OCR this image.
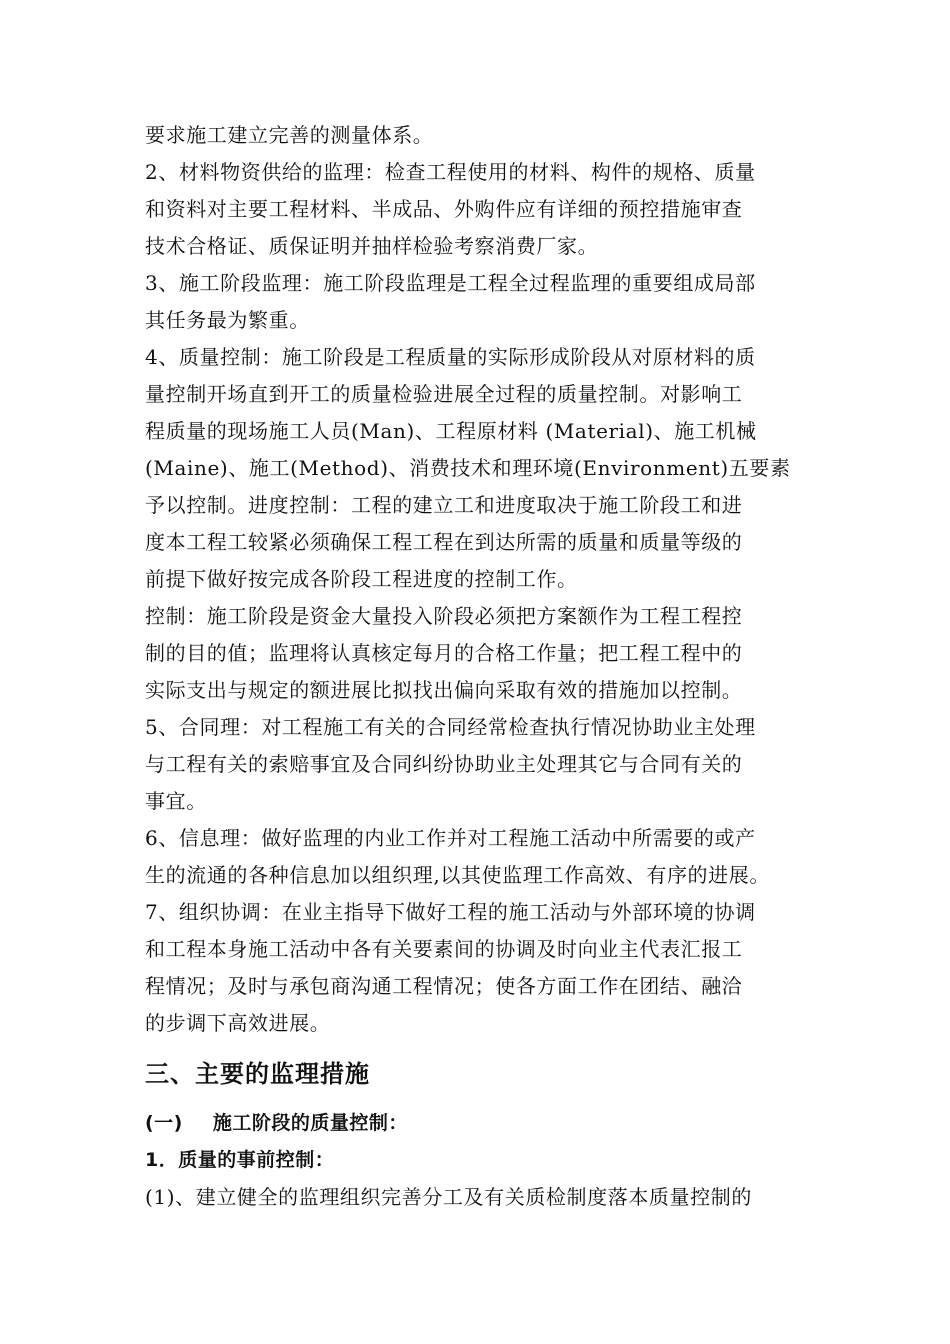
要求施工建立完善的测量体系。
2、材料物资供给的监理：检查工程使用的材料、构件的规格、质量
和资料对主要工程材料、半成品、外购件应有详细的预控措施审查
技术合格证、质保证明并抽样检验考察消费厂家。
3、施工阶段监理：施工阶段监理是工程全过程监理的重要组成局部
其任务最为繁重。
4、质量控制：施工阶段是工程质量的实际形成阶段从对原材料的质
量控制开场直到开工的质量检验进展全过程的质量控制。对影响工
程质量的现场施工人员(Man)、工程原材料 (Material)、施工机械
(Maine)、施工(Method)、消费技术和理环境(Environment)五要素
予以控制。进度控制：工程的建立工和进度取决于施工阶段工和进
度本工程工较紧必须确保工程工程在到达所需的质量和质量等级的
前提下做好按完成各阶段工程进度的控制工作。
控制：施工阶段是资金大量投入阶段必须把方案额作为工程工程控
制的目的值；监理将认真核定每月的合格工作量；把工程工程中的
实际支出与规定的额进展比拟找出偏向采取有效的措施加以控制。
5、合同理：对工程施工有关的合同经常检查执行情况协助业主处理
与工程有关的索赔事宜及合同纠纷协助业主处理其它与合同有关的
事宜。
6、信息理：做好监理的内业工作并对工程施工活动中所需要的或产
生的流通的各种信息加以组织理,以其使监理工作高效、有序的进展。
7、组织协调：在业主指导下做好工程的施工活动与外部环境的协调
和工程本身施工活动中各有关要素间的协调及时向业主代表汇报工
程情况；及时与承包商沟通工程情况；使各方面工作在团结、融洽
的步调下高效进展。
三、主要的监理措施
(一) 施工阶段的质量控制：
1．质量的事前控制：
(1)、建立健全的监理组织完善分工及有关质检制度落本质量控制的
